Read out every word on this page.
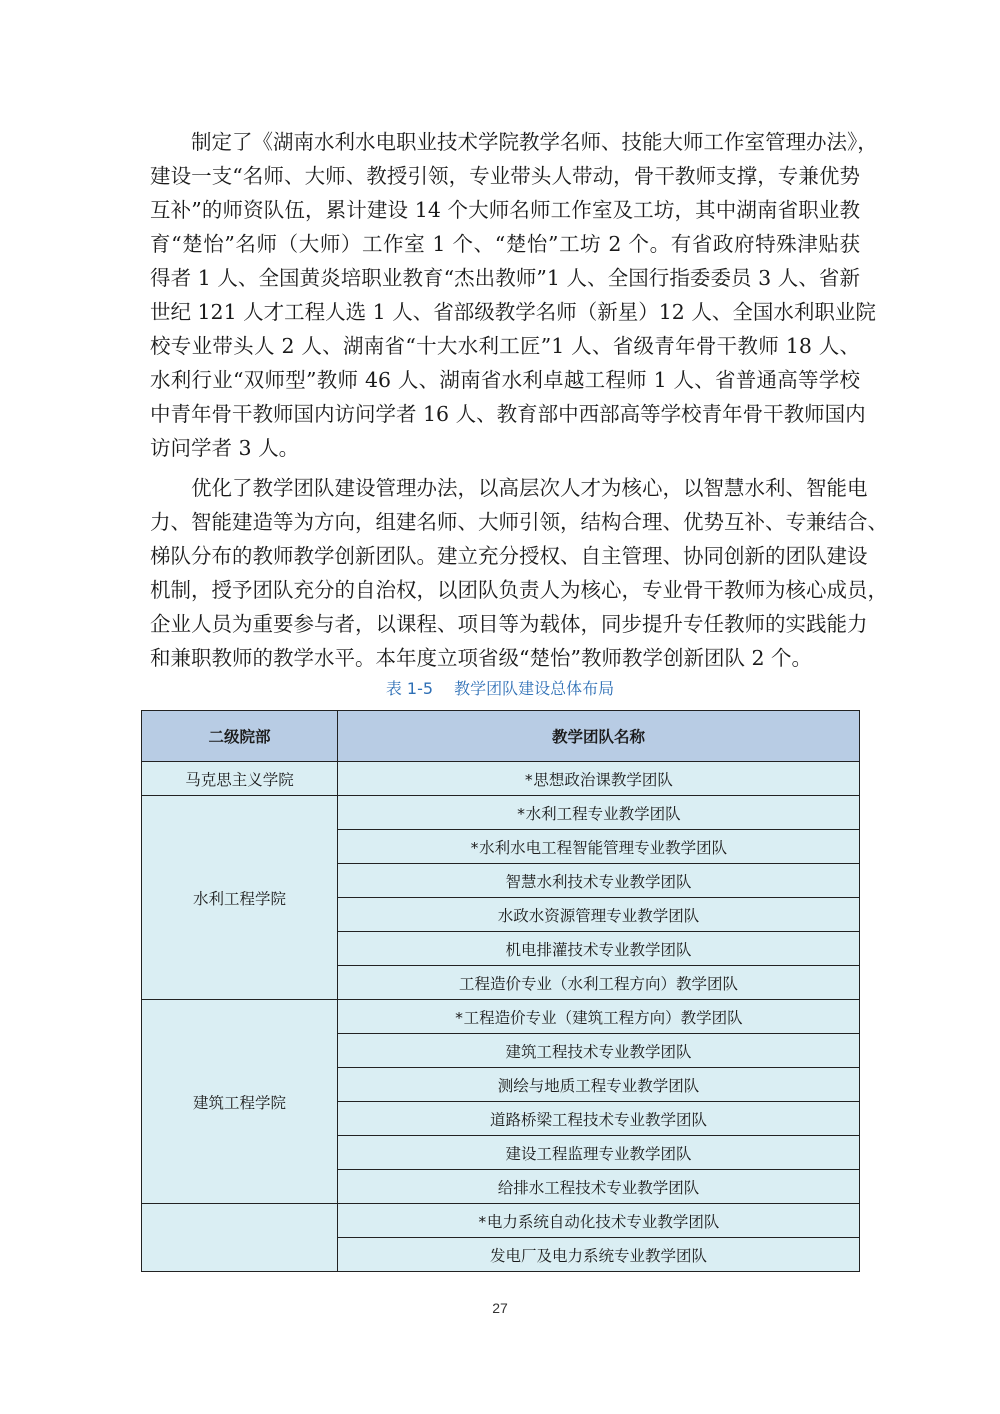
制定了《湖南水利水电职业技术学院教学名师、技能大师工作室管理办法》，
建设一支“名师、大师、教授引领，专业带头人带动，骨干教师支撑，专兼优势
互补”的师资队伍，累计建设 14 个大师名师工作室及工坊，其中湖南省职业教
育“楚怡”名师（大师）工作室 1 个、“楚怡”工坊 2 个。有省政府特殊津贴获
得者 1 人、全国黄炎培职业教育“杰出教师”1 人、全国行指委委员 3 人、省新
世纪 121 人才工程人选 1 人、省部级教学名师（新星）12 人、全国水利职业院
校专业带头人 2 人、湖南省“十大水利工匠”1 人、省级青年骨干教师 18 人、
水利行业“双师型”教师 46 人、湖南省水利卓越工程师 1 人、省普通高等学校
中青年骨干教师国内访问学者 16 人、教育部中西部高等学校青年骨干教师国内
访问学者 3 人。
优化了教学团队建设管理办法，以高层次人才为核心，以智慧水利、智能电
力、智能建造等为方向，组建名师、大师引领，结构合理、优势互补、专兼结合、
梯队分布的教师教学创新团队。建立充分授权、自主管理、协同创新的团队建设
机制，授予团队充分的自治权，以团队负责人为核心，专业骨干教师为核心成员，
企业人员为重要参与者，以课程、项目等为载体，同步提升专任教师的实践能力
和兼职教师的教学水平。本年度立项省级“楚怡”教师教学创新团队 2 个。
表 1-5 教学团队建设总体布局
二级院部	教学团队名称
马克思主义学院	*思想政治课教学团队
水利工程学院	*水利工程专业教学团队
	*水利水电工程智能管理专业教学团队
	智慧水利技术专业教学团队
	水政水资源管理专业教学团队
	机电排灌技术专业教学团队
	工程造价专业（水利工程方向）教学团队
建筑工程学院	*工程造价专业（建筑工程方向）教学团队
	建筑工程技术专业教学团队
	测绘与地质工程专业教学团队
	道路桥梁工程技术专业教学团队
	建设工程监理专业教学团队
	给排水工程技术专业教学团队
	*电力系统自动化技术专业教学团队
	发电厂及电力系统专业教学团队
27
